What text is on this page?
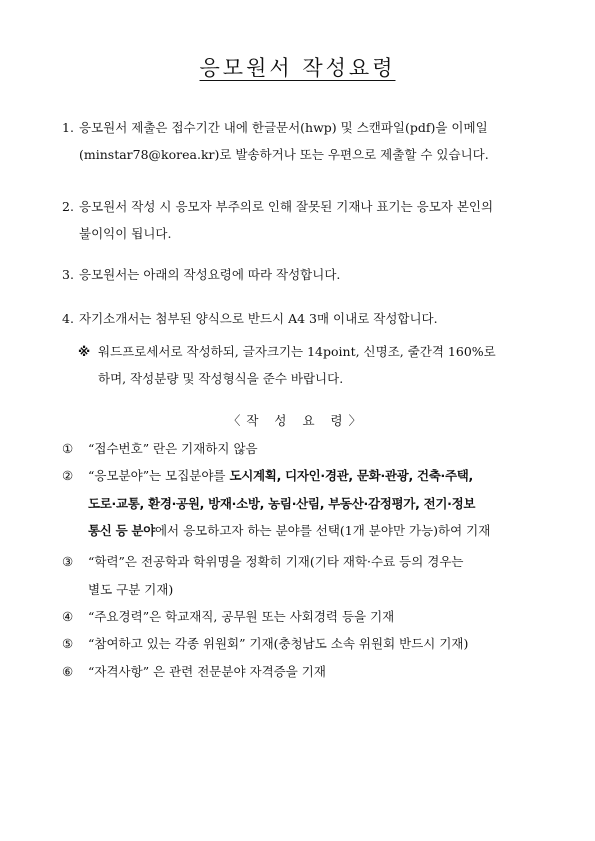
응모원서 작성요령
1. 응모원서 제출은 접수기간 내에 한글문서(hwp) 및 스캔파일(pdf)을 이메일
(minstar78@korea.kr)로 발송하거나 또는 우편으로 제출할 수 있습니다.
2. 응모원서 작성 시 응모자 부주의로 인해 잘못된 기재나 표기는 응모자 본인의
불이익이 됩니다.
3. 응모원서는 아래의 작성요령에 따라 작성합니다.
4. 자기소개서는 첨부된 양식으로 반드시 A4 3매 이내로 작성합니다.
※ 워드프로세서로 작성하되, 글자크기는 14point, 신명조, 줄간격 160%로
하며, 작성분량 및 작성형식을 준수 바랍니다.
〈작 성 요 령〉
① “접수번호” 란은 기재하지 않음
② “응모분야”는 모집분야를 도시계획, 디자인·경관, 문화·관광, 건축·주택,
도로·교통, 환경·공원, 방재·소방, 농림·산림, 부동산·감정평가, 전기·정보
통신 등 분야에서 응모하고자 하는 분야를 선택(1개 분야만 가능)하여 기재
③ “학력”은 전공학과 학위명을 정확히 기재(기타 재학·수료 등의 경우는
별도 구분 기재)
④ “주요경력”은 학교재직, 공무원 또는 사회경력 등을 기재
⑤ “참여하고 있는 각종 위원회” 기재(충청남도 소속 위원회 반드시 기재)
⑥ “자격사항” 은 관련 전문분야 자격증을 기재
